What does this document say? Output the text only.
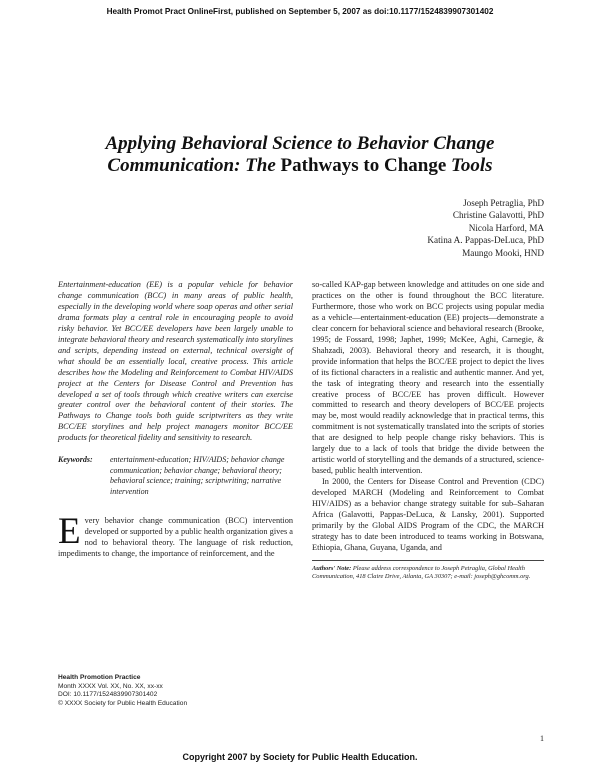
Health Promot Pract OnlineFirst, published on September 5, 2007 as doi:10.1177/1524839907301402
Applying Behavioral Science to Behavior Change
Communication: The Pathways to Change Tools
Joseph Petraglia, PhD
Christine Galavotti, PhD
Nicola Harford, MA
Katina A. Pappas-DeLuca, PhD
Maungo Mooki, HND

Entertainment-education (EE) is a popular vehicle for behavior change communication (BCC) in many areas of public health, especially in the developing world where soap operas and other serial drama formats play a central role in encouraging people to avoid risky behavior. Yet BCC/EE developers have been largely unable to integrate behavioral theory and research systematically into storylines and scripts, depending instead on external, technical oversight of what should be an essentially local, creative process. This article describes how the Modeling and Reinforcement to Combat HIV/AIDS project at the Centers for Disease Control and Prevention has developed a set of tools through which creative writers can exercise greater control over the behavioral content of their stories. The Pathways to Change tools both guide scriptwriters as they write BCC/EE storylines and help project managers monitor BCC/EE products for theoretical fidelity and sensitivity to research.

Keywords:	entertainment-education; HIV/AIDS; behavior change communication; behavior change; behavioral theory; behavioral science; training; scriptwriting; narrative intervention
Every behavior change communication (BCC) intervention developed or supported by a public health organization gives a nod to behavioral theory. The language of risk reduction, impediments to change, the importance of reinforcement, and the

so-called KAP-gap between knowledge and attitudes on one side and practices on the other is found throughout the BCC literature. Furthermore, those who work on BCC projects using popular media as a vehicle—entertainment-education (EE) projects—demonstrate a clear concern for behavioral science and behavioral research (Brooke, 1995; de Fossard, 1998; Japhet, 1999; McKee, Aghi, Carnegie, & Shahzadi, 2003). Behavioral theory and research, it is thought, provide information that helps the BCC/EE project to depict the lives of its fictional characters in a realistic and authentic manner. And yet, the task of integrating theory and research into the essentially creative process of BCC/EE has proven difficult. However committed to research and theory developers of BCC/EE projects may be, most would readily acknowledge that in practical terms, this commitment is not systematically translated into the scripts of stories that are designed to help people change risky behaviors. This is largely due to a lack of tools that bridge the divide between the artistic world of storytelling and the demands of a structured, science-based, public health intervention.

In 2000, the Centers for Disease Control and Prevention (CDC) developed MARCH (Modeling and Reinforcement to Combat HIV/AIDS) as a behavior change strategy suitable for sub–Saharan Africa (Galavotti, Pappas-DeLuca, & Lansky, 2001). Supported primarily by the Global AIDS Program of the CDC, the MARCH strategy has to date been introduced to teams working in Botswana, Ethiopia, Ghana, Guyana, Uganda, and

Authors' Note: Please address correspondence to Joseph Petraglia, Global Health Communication, 418 Claire Drive, Atlanta, GA 30307; e-mail: joseph@ghcomm.org.
Health Promotion Practice
Month XXXX Vol. XX, No. XX, xx-xx
DOI: 10.1177/1524839907301402
© XXXX Society for Public Health Education
1
Copyright 2007 by Society for Public Health Education.
